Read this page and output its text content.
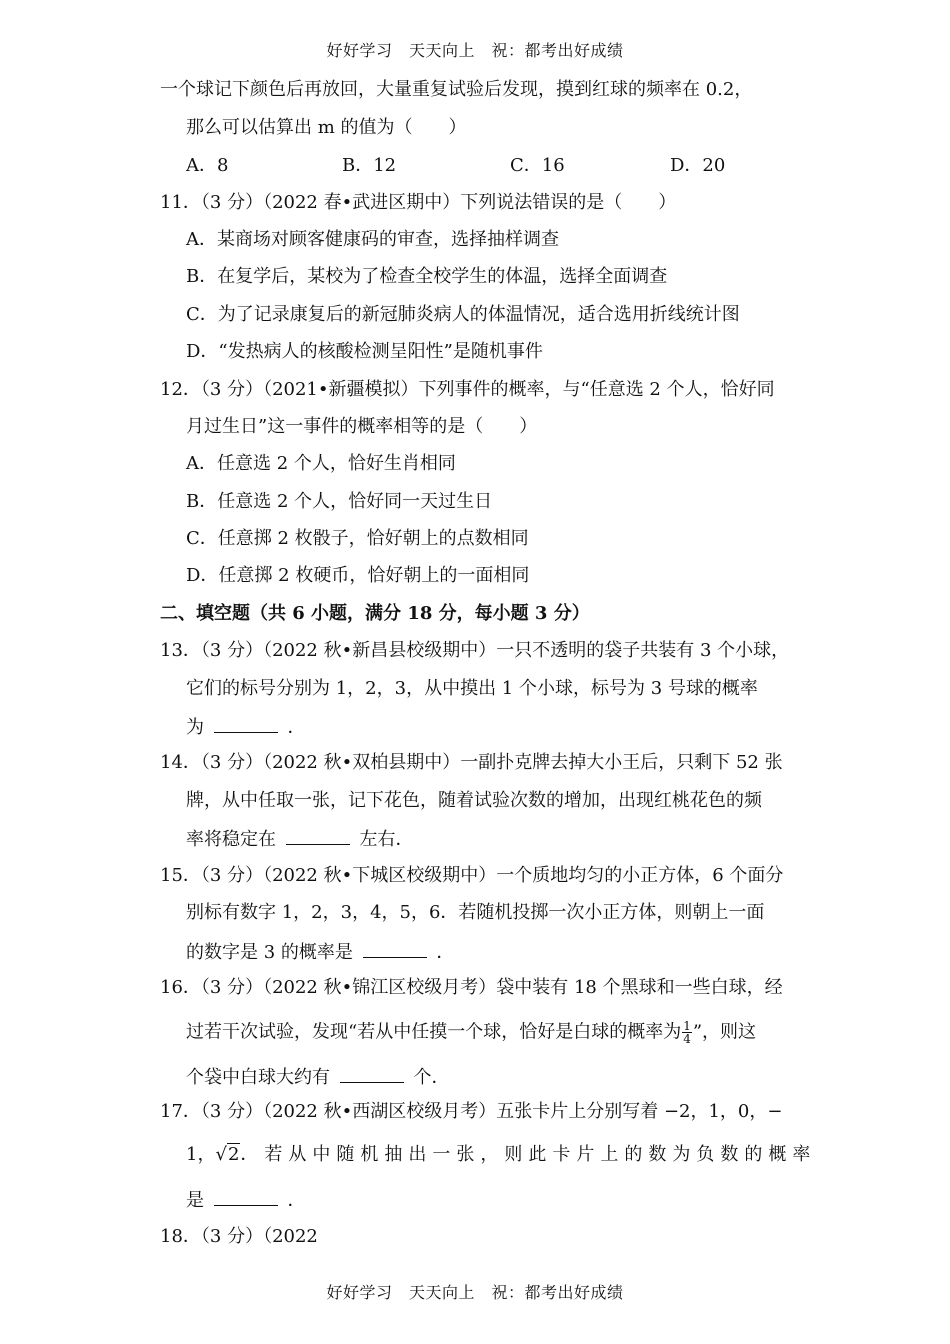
好好学习　天天向上　祝：都考出好成绩
一个球记下颜色后再放回，大量重复试验后发现，摸到红球的频率在 0.2，
那么可以估算出 m 的值为（　　）
A．8	B．12	C．16	D．20
11．（3 分）（2022 春•武进区期中）下列说法错误的是（　　）
A．某商场对顾客健康码的审查，选择抽样调查
B．在复学后，某校为了检查全校学生的体温，选择全面调查
C．为了记录康复后的新冠肺炎病人的体温情况，适合选用折线统计图
D．“发热病人的核酸检测呈阳性”是随机事件
12．（3 分）（2021•新疆模拟）下列事件的概率，与“任意选 2 个人，恰好同
月过生日”这一事件的概率相等的是（　　）
A．任意选 2 个人，恰好生肖相同
B．任意选 2 个人，恰好同一天过生日
C．任意掷 2 枚骰子，恰好朝上的点数相同
D．任意掷 2 枚硬币，恰好朝上的一面相同
二、填空题（共 6 小题，满分 18 分，每小题 3 分）
13．（3 分）（2022 秋•新昌县校级期中）一只不透明的袋子共装有 3 个小球，
它们的标号分别为 1，2，3，从中摸出 1 个小球，标号为 3 号球的概率
为	．
14．（3 分）（2022 秋•双柏县期中）一副扑克牌去掉大小王后，只剩下 52 张
牌，从中任取一张，记下花色，随着试验次数的增加，出现红桃花色的频
率将稳定在	左右．
15．（3 分）（2022 秋•下城区校级期中）一个质地均匀的小正方体，6 个面分
别标有数字 1，2，3，4，5，6．若随机投掷一次小正方体，则朝上一面
的数字是 3 的概率是	．
16．（3 分）（2022 秋•锦江区校级月考）袋中装有 18 个黑球和一些白球，经
过若干次试验，发现“若从中任摸一个球，恰好是白球的概率为 $\frac{1}{4}$ ”，则这
个袋中白球大约有	个．
17．（3 分）（2022 秋•西湖区校级月考）五张卡片上分别写着 −2，1，0，−
1，√2．若从中随机抽出一张，则此卡片上的数为负数的概率
是	．
18．（3 分）（2022
好好学习　天天向上　祝：都考出好成绩
